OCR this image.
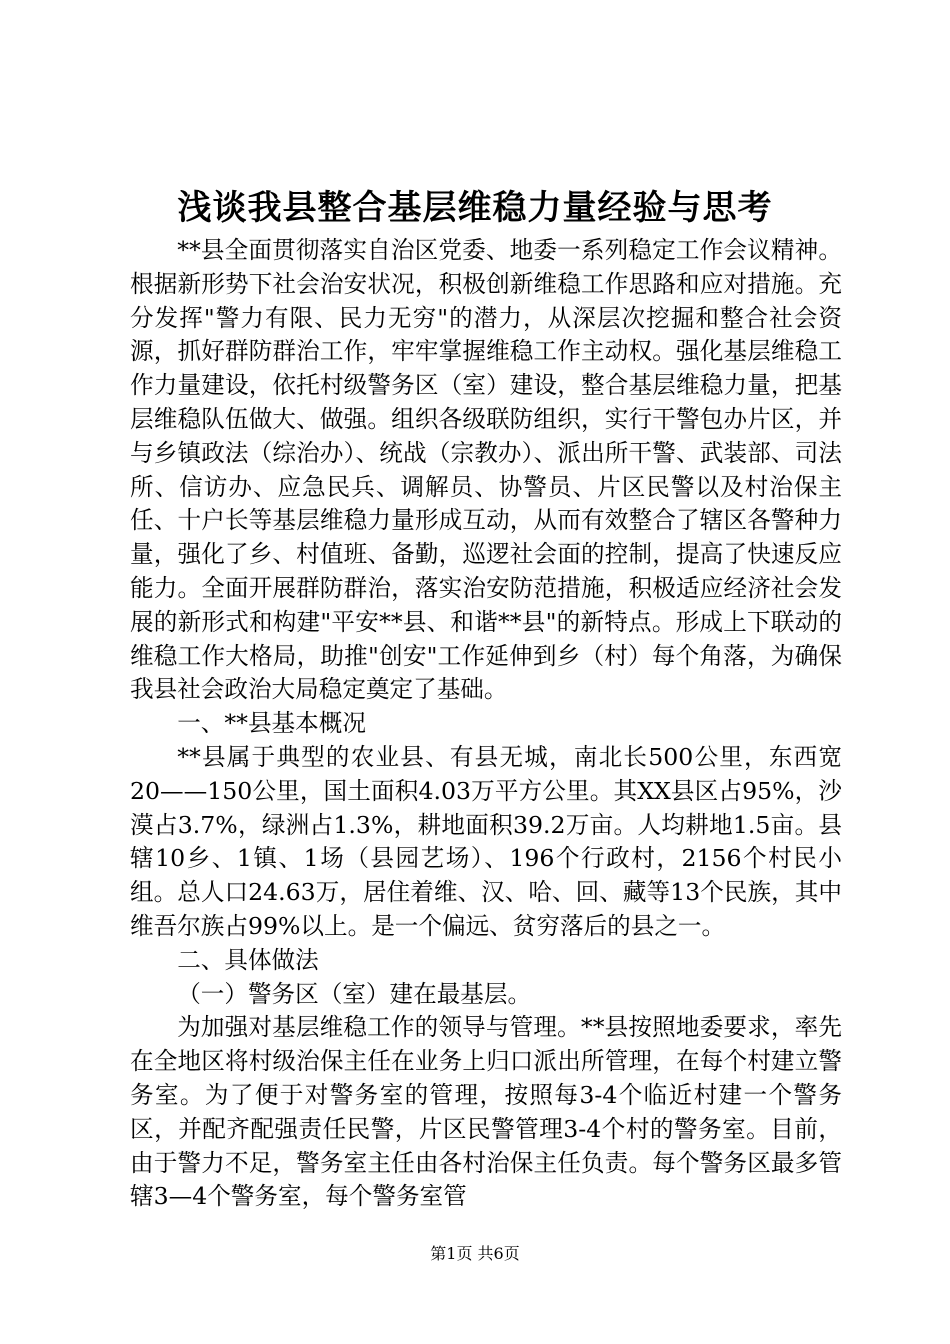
浅谈我县整合基层维稳力量经验与思考

**县全面贯彻落实自治区党委、地委一系列稳定工作会议精神。根据新形势下社会治安状况，积极创新维稳工作思路和应对措施。充分发挥"警力有限、民力无穷"的潜力，从深层次挖掘和整合社会资源，抓好群防群治工作，牢牢掌握维稳工作主动权。强化基层维稳工作力量建设，依托村级警务区（室）建设，整合基层维稳力量，把基层维稳队伍做大、做强。组织各级联防组织，实行干警包办片区，并与乡镇政法（综治办）、统战（宗教办）、派出所干警、武装部、司法所、信访办、应急民兵、调解员、协警员、片区民警以及村治保主任、十户长等基层维稳力量形成互动，从而有效整合了辖区各警种力量，强化了乡、村值班、备勤，巡逻社会面的控制，提高了快速反应能力。全面开展群防群治，落实治安防范措施，积极适应经济社会发展的新形式和构建"平安**县、和谐**县"的新特点。形成上下联动的维稳工作大格局，助推"创安"工作延伸到乡（村）每个角落，为确保我县社会政治大局稳定奠定了基础。

一、**县基本概况

**县属于典型的农业县、有县无城，南北长500公里，东西宽20——150公里，国土面积4.03万平方公里。其XX县区占95%，沙漠占3.7%，绿洲占1.3%，耕地面积39.2万亩。人均耕地1.5亩。县辖10乡、1镇、1场（县园艺场）、196个行政村，2156个村民小组。总人口24.63万，居住着维、汉、哈、回、藏等13个民族，其中维吾尔族占99%以上。是一个偏远、贫穷落后的县之一。

二、具体做法

（一）警务区（室）建在最基层。

为加强对基层维稳工作的领导与管理。**县按照地委要求，率先在全地区将村级治保主任在业务上归口派出所管理，在每个村建立警务室。为了便于对警务室的管理，按照每3-4个临近村建一个警务区，并配齐配强责任民警，片区民警管理3-4个村的警务室。目前，由于警力不足，警务室主任由各村治保主任负责。每个警务区最多管辖3—4个警务室，每个警务室管

第1页 共6页
